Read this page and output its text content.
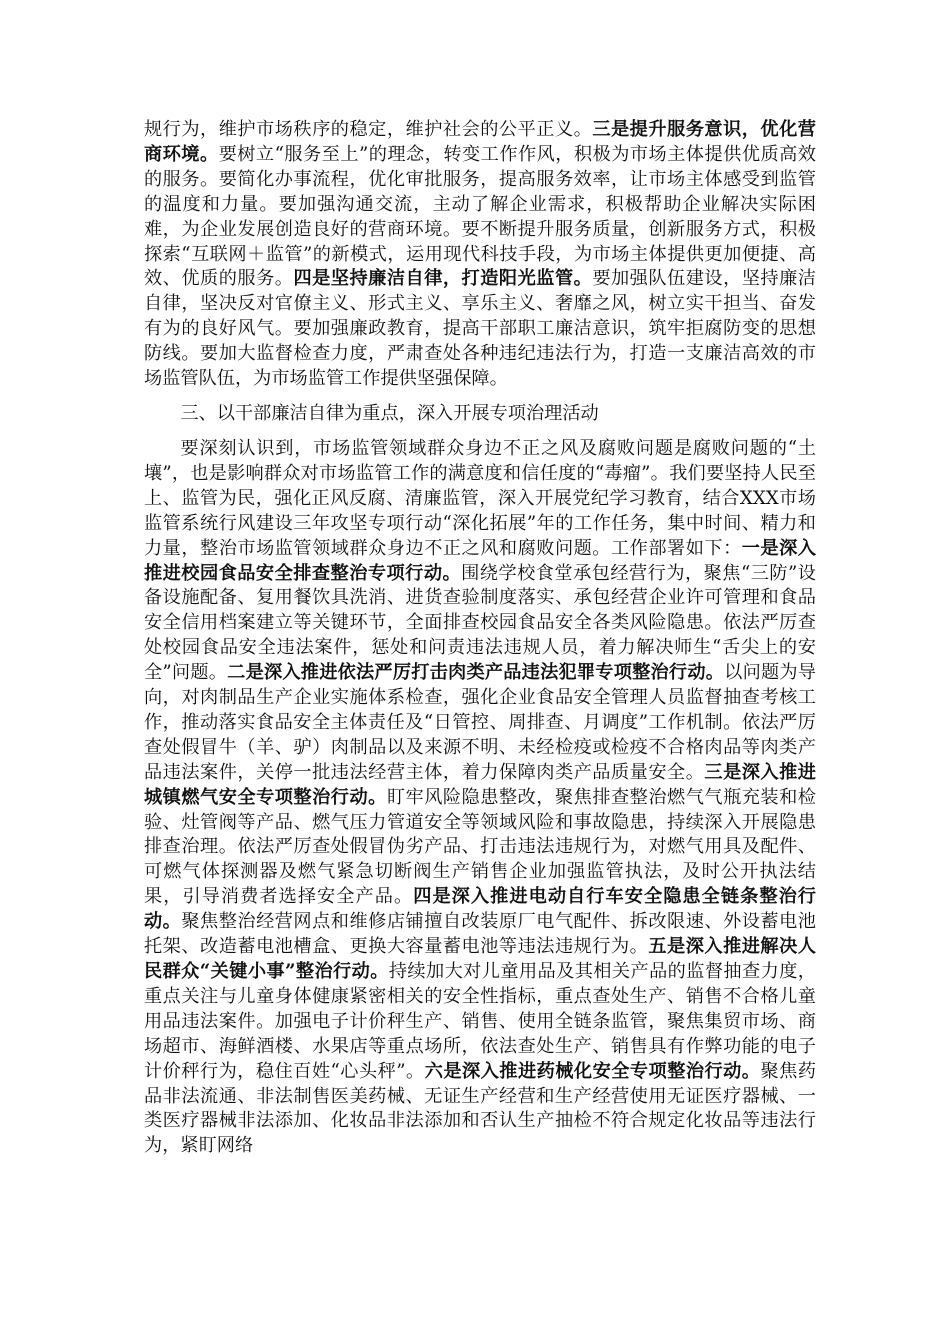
规行为，维护市场秩序的稳定，维护社会的公平正义。三是提升服务意识，优化营商环境。要树立“服务至上”的理念，转变工作作风，积极为市场主体提供优质高效的服务。要简化办事流程，优化审批服务，提高服务效率，让市场主体感受到监管的温度和力量。要加强沟通交流，主动了解企业需求，积极帮助企业解决实际困难，为企业发展创造良好的营商环境。要不断提升服务质量，创新服务方式，积极探索“互联网＋监管”的新模式，运用现代科技手段，为市场主体提供更加便捷、高效、优质的服务。四是坚持廉洁自律，打造阳光监管。要加强队伍建设，坚持廉洁自律，坚决反对官僚主义、形式主义、享乐主义、奢靡之风，树立实干担当、奋发有为的良好风气。要加强廉政教育，提高干部职工廉洁意识，筑牢拒腐防变的思想防线。要加大监督检查力度，严肃查处各种违纪违法行为，打造一支廉洁高效的市场监管队伍，为市场监管工作提供坚强保障。

三、以干部廉洁自律为重点，深入开展专项治理活动

要深刻认识到，市场监管领域群众身边不正之风及腐败问题是腐败问题的“土壤”，也是影响群众对市场监管工作的满意度和信任度的“毒瘤”。我们要坚持人民至上、监管为民，强化正风反腐、清廉监管，深入开展党纪学习教育，结合XXX市场监管系统行风建设三年攻坚专项行动“深化拓展”年的工作任务，集中时间、精力和力量，整治市场监管领域群众身边不正之风和腐败问题。工作部署如下：一是深入推进校园食品安全排查整治专项行动。围绕学校食堂承包经营行为，聚焦“三防”设备设施配备、复用餐饮具洗消、进货查验制度落实、承包经营企业许可管理和食品安全信用档案建立等关键环节，全面排查校园食品安全各类风险隐患。依法严厉查处校园食品安全违法案件，惩处和问责违法违规人员，着力解决师生“舌尖上的安全”问题。二是深入推进依法严厉打击肉类产品违法犯罪专项整治行动。以问题为导向，对肉制品生产企业实施体系检查，强化企业食品安全管理人员监督抽查考核工作，推动落实食品安全主体责任及“日管控、周排查、月调度”工作机制。依法严厉查处假冒牛（羊、驴）肉制品以及来源不明、未经检疫或检疫不合格肉品等肉类产品违法案件，关停一批违法经营主体，着力保障肉类产品质量安全。三是深入推进城镇燃气安全专项整治行动。盯牢风险隐患整改，聚焦排查整治燃气气瓶充装和检验、灶管阀等产品、燃气压力管道安全等领域风险和事故隐患，持续深入开展隐患排查治理。依法严厉查处假冒伪劣产品、打击违法违规行为，对燃气用具及配件、可燃气体探测器及燃气紧急切断阀生产销售企业加强监管执法，及时公开执法结果，引导消费者选择安全产品。四是深入推进电动自行车安全隐患全链条整治行动。聚焦整治经营网点和维修店铺擅自改装原厂电气配件、拆改限速、外设蓄电池托架、改造蓄电池槽盒、更换大容量蓄电池等违法违规行为。五是深入推进解决人民群众“关键小事”整治行动。持续加大对儿童用品及其相关产品的监督抽查力度，重点关注与儿童身体健康紧密相关的安全性指标，重点查处生产、销售不合格儿童用品违法案件。加强电子计价秤生产、销售、使用全链条监管，聚焦集贸市场、商场超市、海鲜酒楼、水果店等重点场所，依法查处生产、销售具有作弊功能的电子计价秤行为，稳住百姓“心头秤”。六是深入推进药械化安全专项整治行动。聚焦药品非法流通、非法制售医美药械、无证生产经营和生产经营使用无证医疗器械、一类医疗器械非法添加、化妆品非法添加和否认生产抽检不符合规定化妆品等违法行为，紧盯网络
